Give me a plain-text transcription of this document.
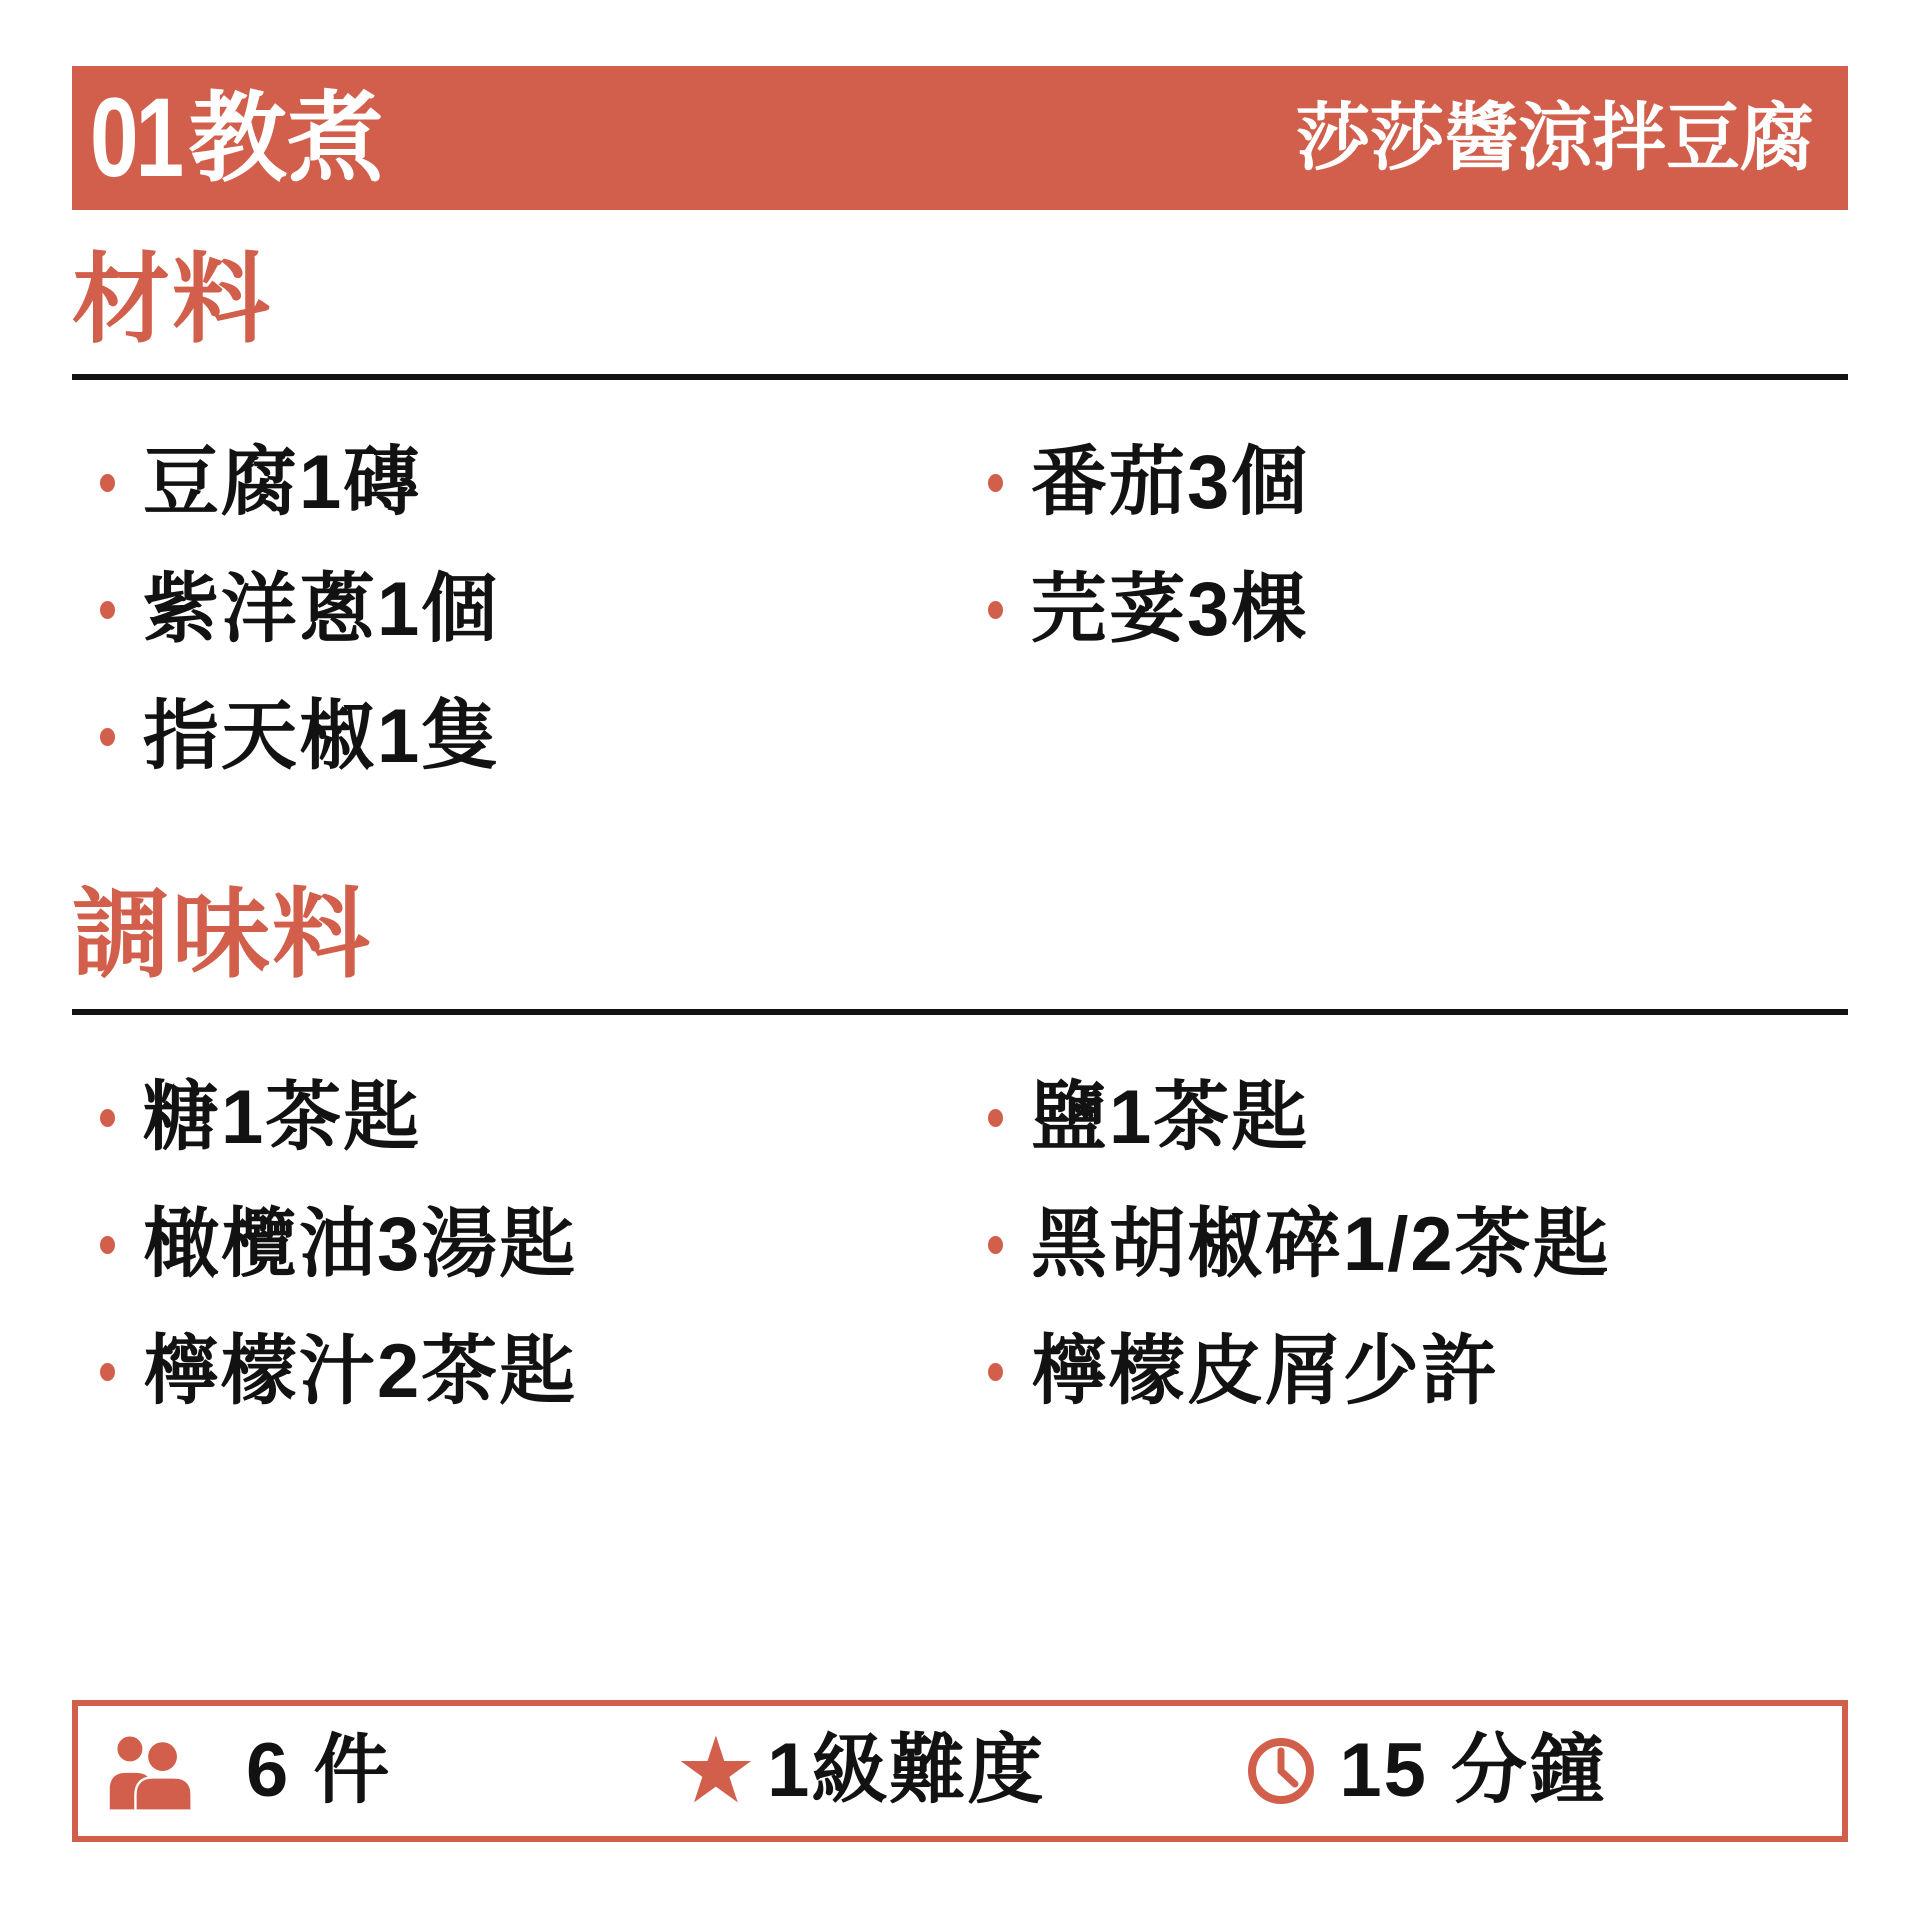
01 教煮	莎莎醬涼拌豆腐
材料
豆腐1磚
紫洋蔥1個
指天椒1隻
番茄3個
芫荽3棵
調味料
糖1茶匙
橄欖油3湯匙
檸檬汁2茶匙
鹽1茶匙
黑胡椒碎1/2茶匙
檸檬皮屑少許
6 件	★ 1級難度	15 分鐘
